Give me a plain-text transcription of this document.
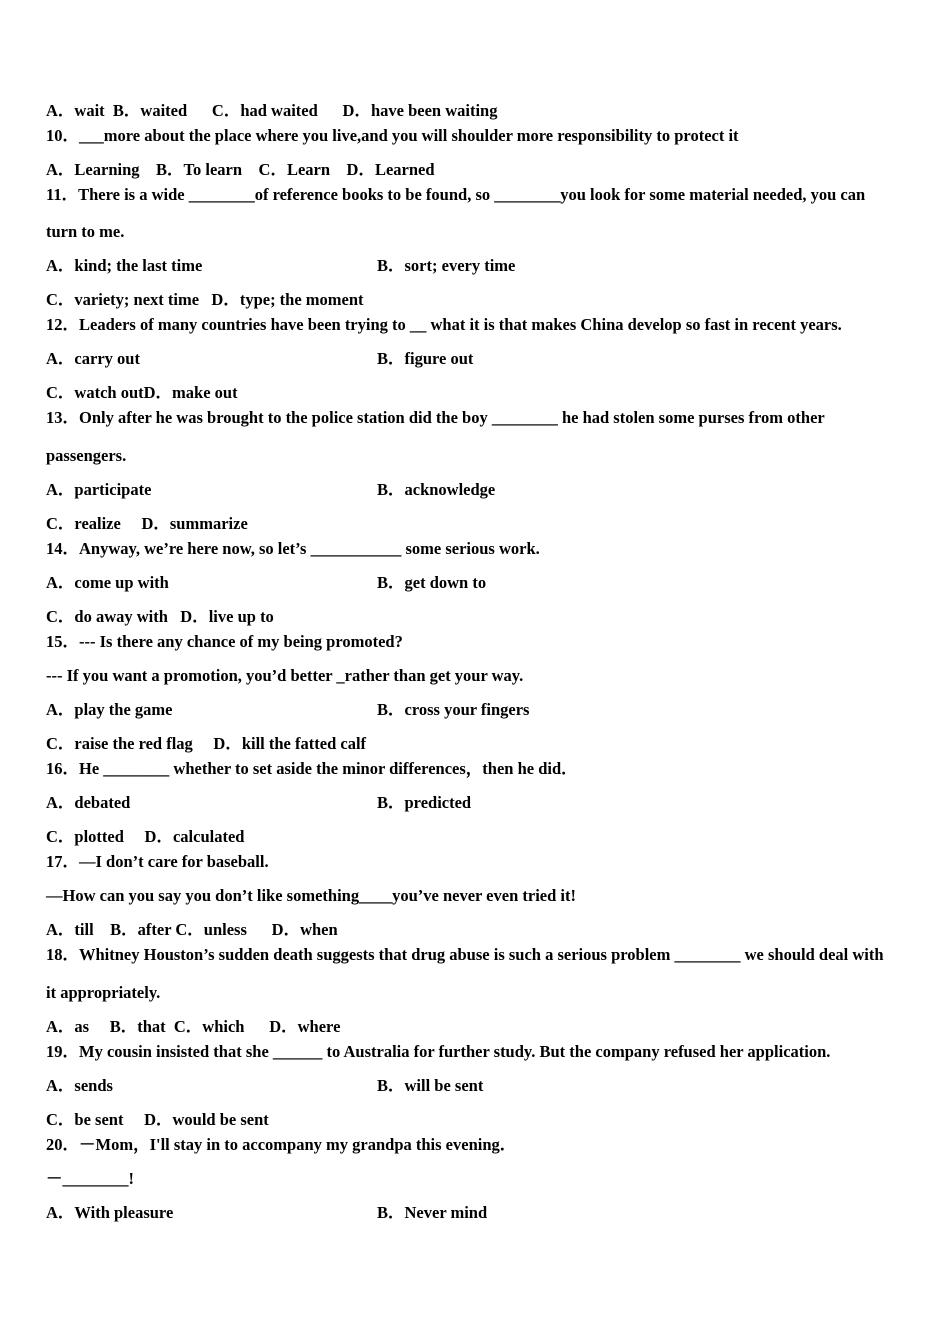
A．wait  B．waited      C．had waited      D．have been waiting
10．___more about the place where you live,and you will shoulder more responsibility to protect it
A．Learning    B．To learn    C．Learn    D．Learned
11．There is a wide ________of reference books to be found, so ________you look for some material needed, you can
turn to me.
A．kind; the last time	B．sort; every time
C．variety; next time   D．type; the moment
12．Leaders of many countries have been trying to __ what it is that makes China develop so fast in recent years.
A．carry out	B．figure out
C．watch outD．make out
13．Only after he was brought to the police station did the boy ________ he had stolen some purses from other
passengers.
A．participate	B．acknowledge
C．realize     D．summarize
14．Anyway, we’re here now, so let’s ___________ some serious work.
A．come up with	B．get down to
C．do away with   D．live up to
15．--- Is there any chance of my being promoted?
--- If you want a promotion, you’d better _rather than get your way.
A．play the game	B．cross your fingers
C．raise the red flag     D．kill the fatted calf
16．He ________ whether to set aside the minor differences，then he did．
A．debated	B．predicted
C．plotted     D．calculated
17．—I don’t care for baseball.
—How can you say you don’t like something____you’ve never even tried it!
A．till    B．after C．unless      D．when
18．Whitney Houston’s sudden death suggests that drug abuse is such a serious problem ________ we should deal with
it appropriately.
A．as     B．that  C．which      D．where
19．My cousin insisted that she ______ to Australia for further study. But the company refused her application.
A．sends	B．will be sent
C．be sent     D．would be sent
20．－Mom，I'll stay in to accompany my grandpa this evening．
－________!
A．With pleasure	B．Never mind
